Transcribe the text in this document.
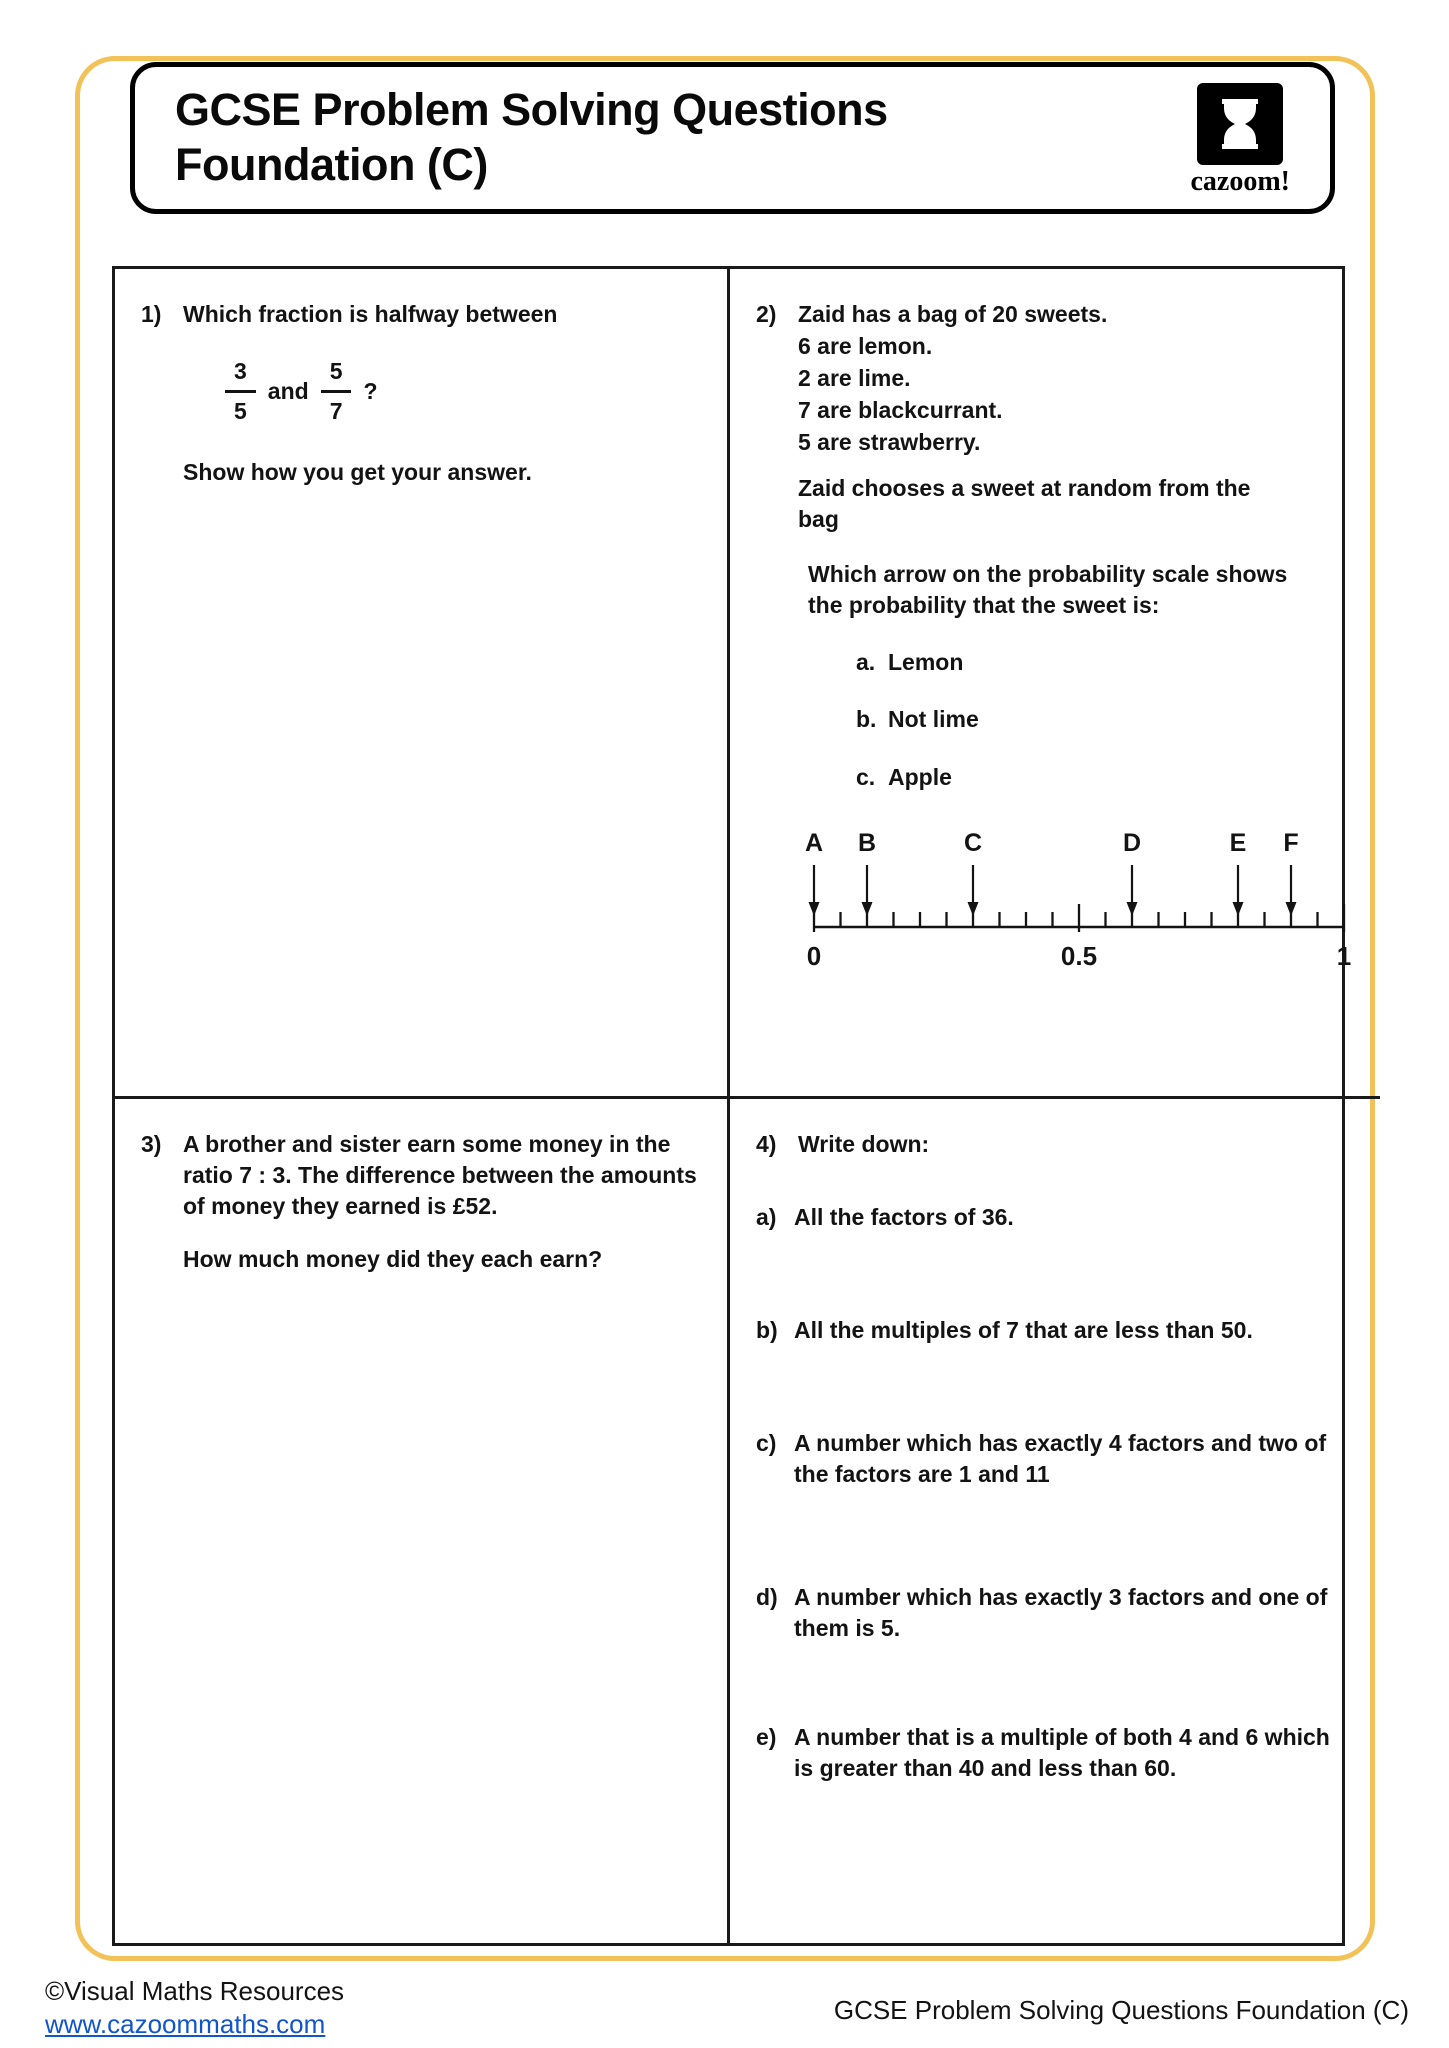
GCSE Problem Solving Questions
Foundation (C)	cazoom!
1) Which fraction is halfway between
$\frac{3}{5}$ and $\frac{5}{7}$ ?
Show how you get your answer.
2) Zaid has a bag of 20 sweets.
6 are lemon.
2 are lime.
7 are blackcurrant.
5 are strawberry.
Zaid chooses a sweet at random from the bag
Which arrow on the probability scale shows the probability that the sweet is:
a. Lemon
b. Not lime
c. Apple
A B	C	D	E F
0	0.5	1
3) A brother and sister earn some money in the ratio 7 : 3. The difference between the amounts of money they earned is £52.
How much money did they each earn?
4) Write down:
a) All the factors of 36.
b) All the multiples of 7 that are less than 50.
c) A number which has exactly 4 factors and two of the factors are 1 and 11
d) A number which has exactly 3 factors and one of them is 5.
e) A number that is a multiple of both 4 and 6 which is greater than 40 and less than 60.
©Visual Maths Resources
www.cazoommaths.com	GCSE Problem Solving Questions Foundation (C)
